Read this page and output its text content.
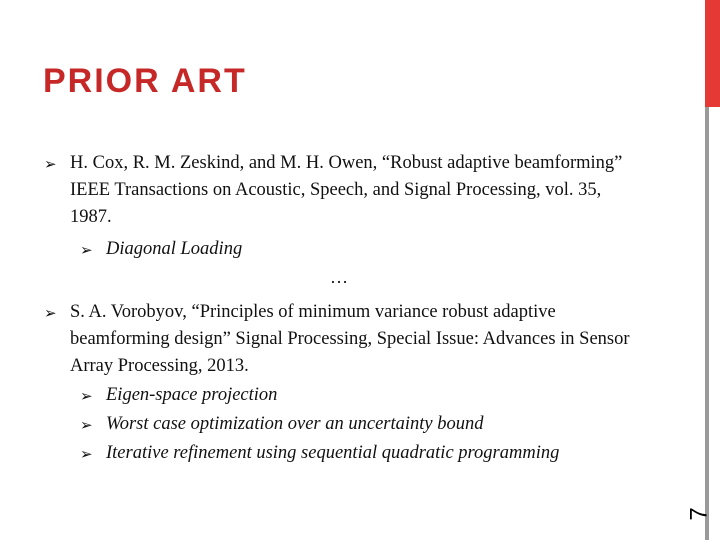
PRIOR ART
➢
H. Cox, R. M. Zeskind, and M. H. Owen, “Robust adaptive beamforming”
IEEE Transactions on Acoustic, Speech, and Signal Processing, vol. 35,
1987.
➢
Diagonal Loading
…
➢
S. A. Vorobyov, “Principles of minimum variance robust adaptive
beamforming design” Signal Processing, Special Issue: Advances in Sensor
Array Processing, 2013.
➢
Eigen-space projection
➢
Worst case optimization over an uncertainty bound
➢
Iterative refinement using sequential quadratic programming
7
